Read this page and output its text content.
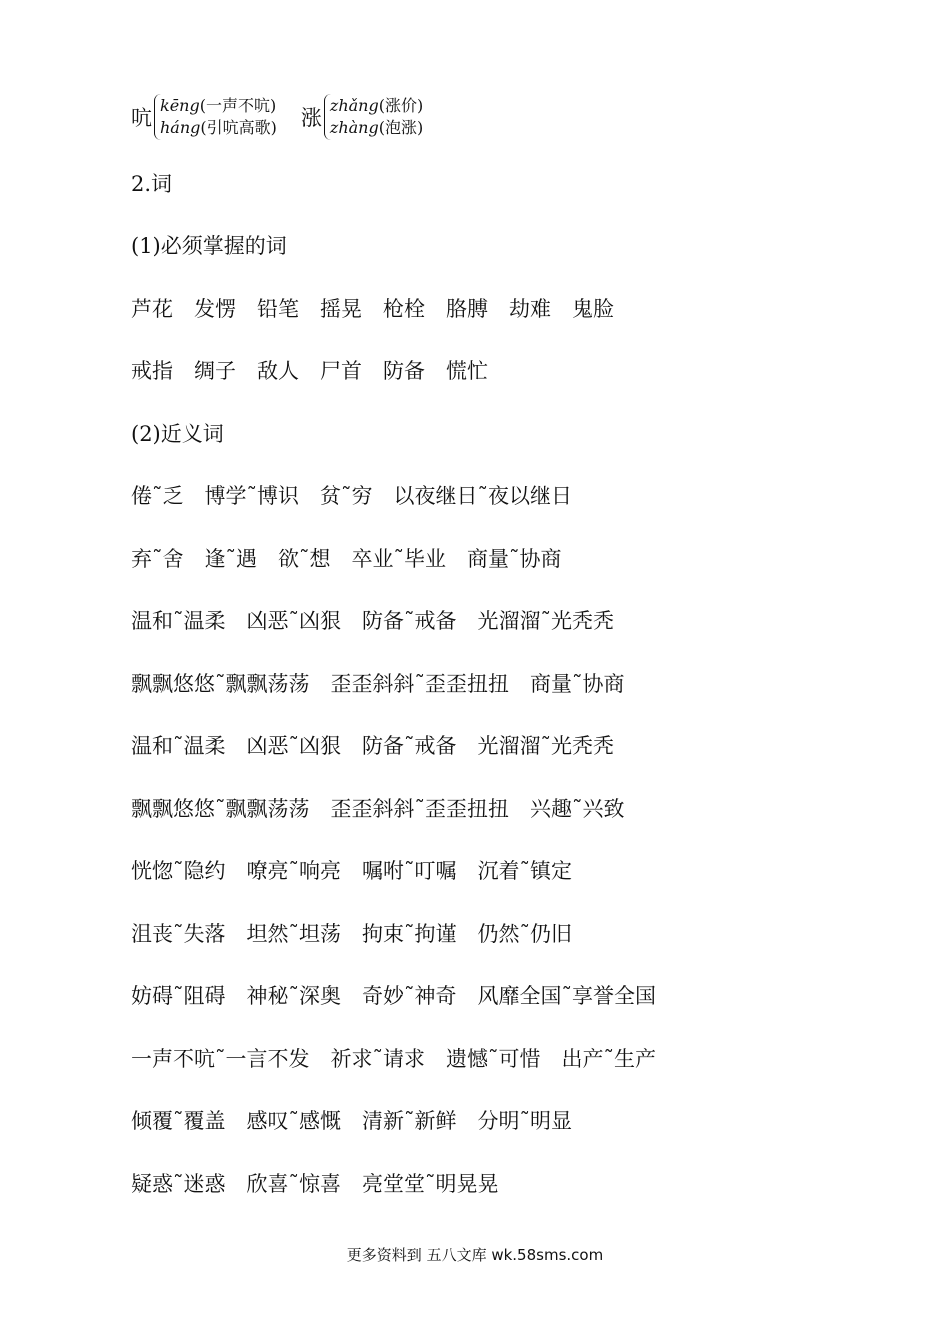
吭
kēng(一声不吭)
háng(引吭高歌) 涨
zhǎng(涨价)
zhàng(泡涨)
2.词
(1)必须掌握的词
芦花　发愣　铅笔　摇晃　枪栓　胳膊　劫难　鬼脸
戒指　绸子　敌人　尸首　防备　慌忙
(2)近义词
倦˜乏　博学˜博识　贫˜穷　以夜继日˜夜以继日
弃˜舍　逢˜遇　欲˜想　卒业˜毕业　商量˜协商
温和˜温柔　凶恶˜凶狠　防备˜戒备　光溜溜˜光秃秃
飘飘悠悠˜飘飘荡荡　歪歪斜斜˜歪歪扭扭　商量˜协商
温和˜温柔　凶恶˜凶狠　防备˜戒备　光溜溜˜光秃秃
飘飘悠悠˜飘飘荡荡　歪歪斜斜˜歪歪扭扭　兴趣˜兴致
恍惚˜隐约　嘹亮˜响亮　嘱咐˜叮嘱　沉着˜镇定
沮丧˜失落　坦然˜坦荡　拘束˜拘谨　仍然˜仍旧
妨碍˜阻碍　神秘˜深奥　奇妙˜神奇　风靡全国˜享誉全国
一声不吭˜一言不发　祈求˜请求　遗憾˜可惜　出产˜生产
倾覆˜覆盖　感叹˜感慨　清新˜新鲜　分明˜明显
疑惑˜迷惑　欣喜˜惊喜　亮堂堂˜明晃晃
更多资料到 五八文库 wk.58sms.com
